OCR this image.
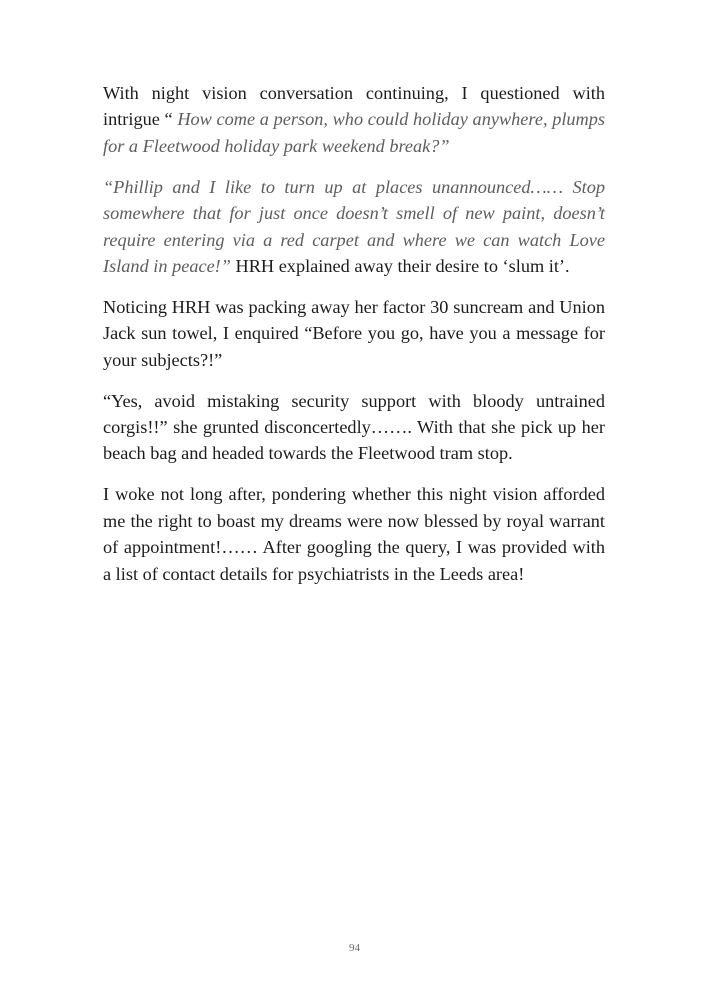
With night vision conversation continuing, I questioned with intrigue “ How come a person, who could holiday anywhere, plumps for a Fleetwood holiday park weekend break?”

“Phillip and I like to turn up at places unannounced…… Stop somewhere that for just once doesn’t smell of new paint, doesn’t require entering via a red carpet and where we can watch Love Island in peace!” HRH explained away their desire to ‘slum it’.

Noticing HRH was packing away her factor 30 suncream and Union Jack sun towel, I enquired “Before you go, have you a message for your subjects?!”

“Yes, avoid mistaking security support with bloody untrained corgis!!” she grunted disconcertedly……. With that she pick up her beach bag and headed towards the Fleetwood tram stop.

I woke not long after, pondering whether this night vision afforded me the right to boast my dreams were now blessed by royal warrant of appointment!…… After googling the query, I was provided with a list of contact details for psychiatrists in the Leeds area!

94
